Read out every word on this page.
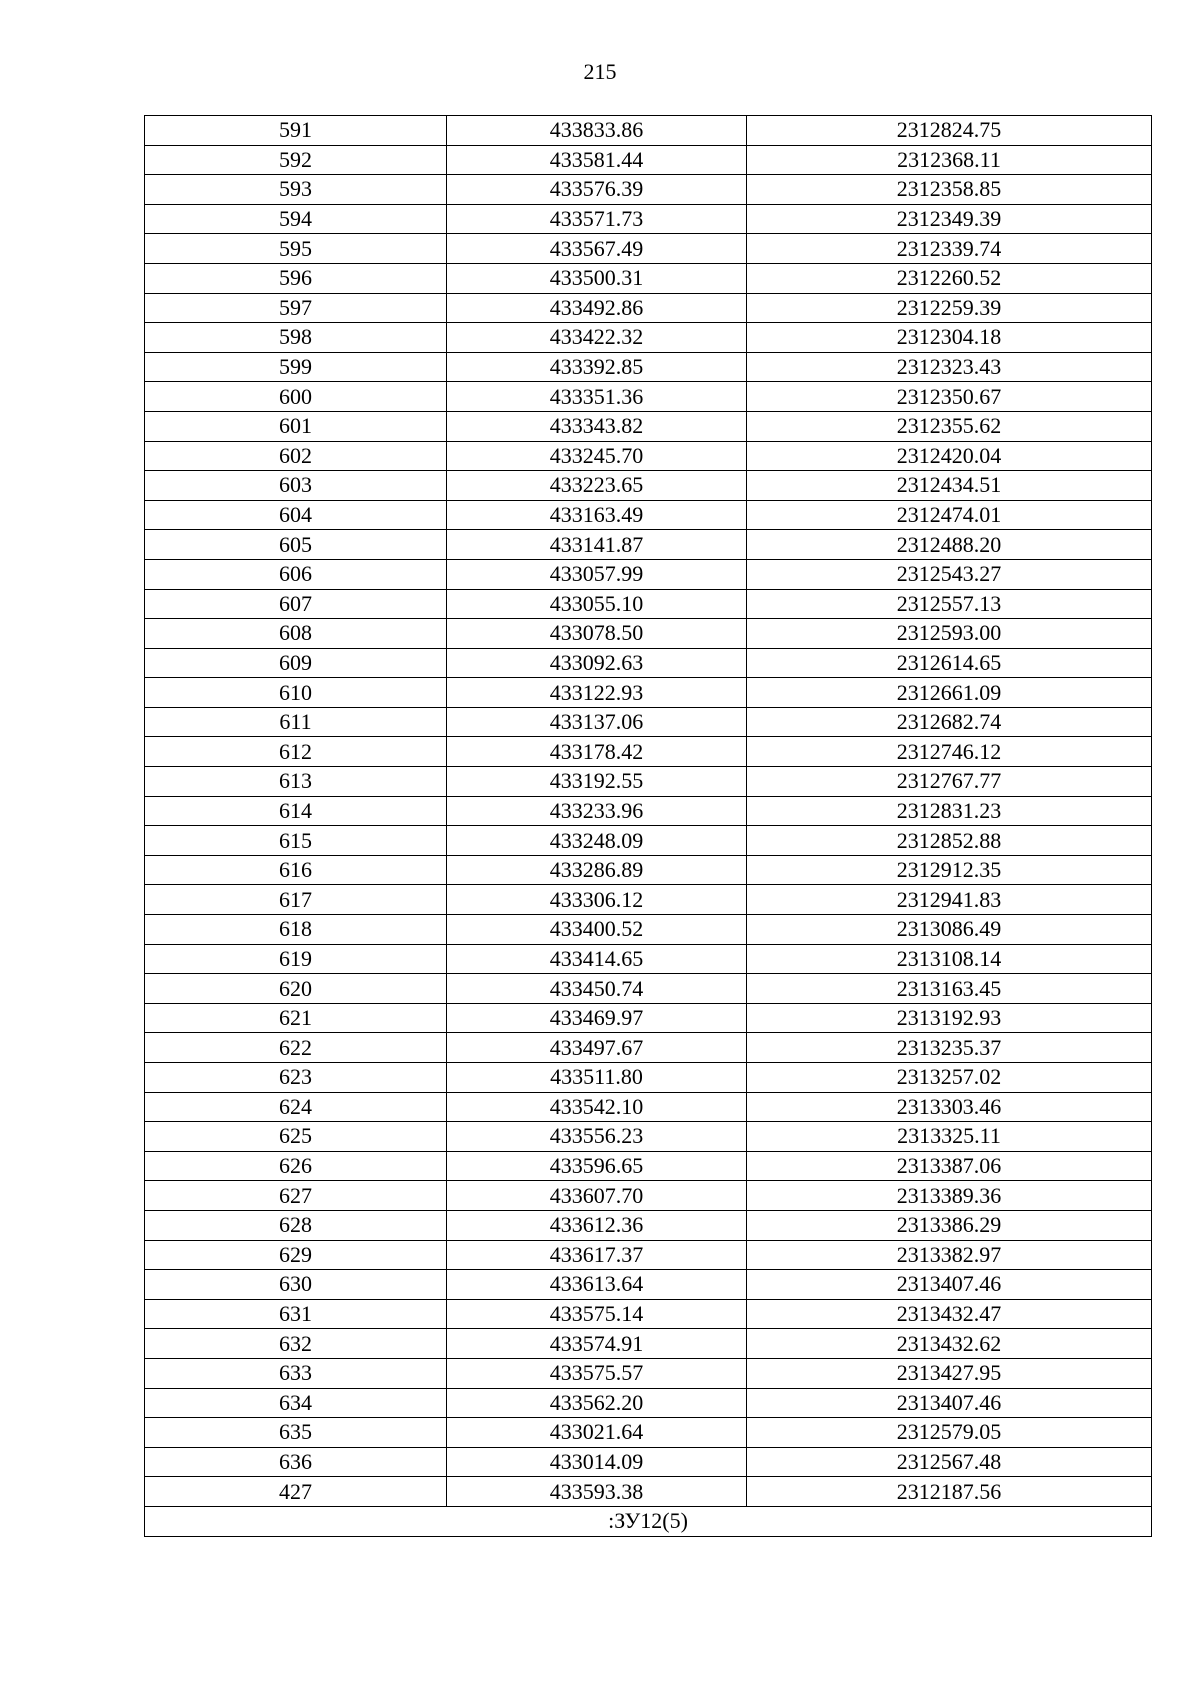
215
591	433833.86	2312824.75
592	433581.44	2312368.11
593	433576.39	2312358.85
594	433571.73	2312349.39
595	433567.49	2312339.74
596	433500.31	2312260.52
597	433492.86	2312259.39
598	433422.32	2312304.18
599	433392.85	2312323.43
600	433351.36	2312350.67
601	433343.82	2312355.62
602	433245.70	2312420.04
603	433223.65	2312434.51
604	433163.49	2312474.01
605	433141.87	2312488.20
606	433057.99	2312543.27
607	433055.10	2312557.13
608	433078.50	2312593.00
609	433092.63	2312614.65
610	433122.93	2312661.09
611	433137.06	2312682.74
612	433178.42	2312746.12
613	433192.55	2312767.77
614	433233.96	2312831.23
615	433248.09	2312852.88
616	433286.89	2312912.35
617	433306.12	2312941.83
618	433400.52	2313086.49
619	433414.65	2313108.14
620	433450.74	2313163.45
621	433469.97	2313192.93
622	433497.67	2313235.37
623	433511.80	2313257.02
624	433542.10	2313303.46
625	433556.23	2313325.11
626	433596.65	2313387.06
627	433607.70	2313389.36
628	433612.36	2313386.29
629	433617.37	2313382.97
630	433613.64	2313407.46
631	433575.14	2313432.47
632	433574.91	2313432.62
633	433575.57	2313427.95
634	433562.20	2313407.46
635	433021.64	2312579.05
636	433014.09	2312567.48
427	433593.38	2312187.56
:ЗУ12(5)		
